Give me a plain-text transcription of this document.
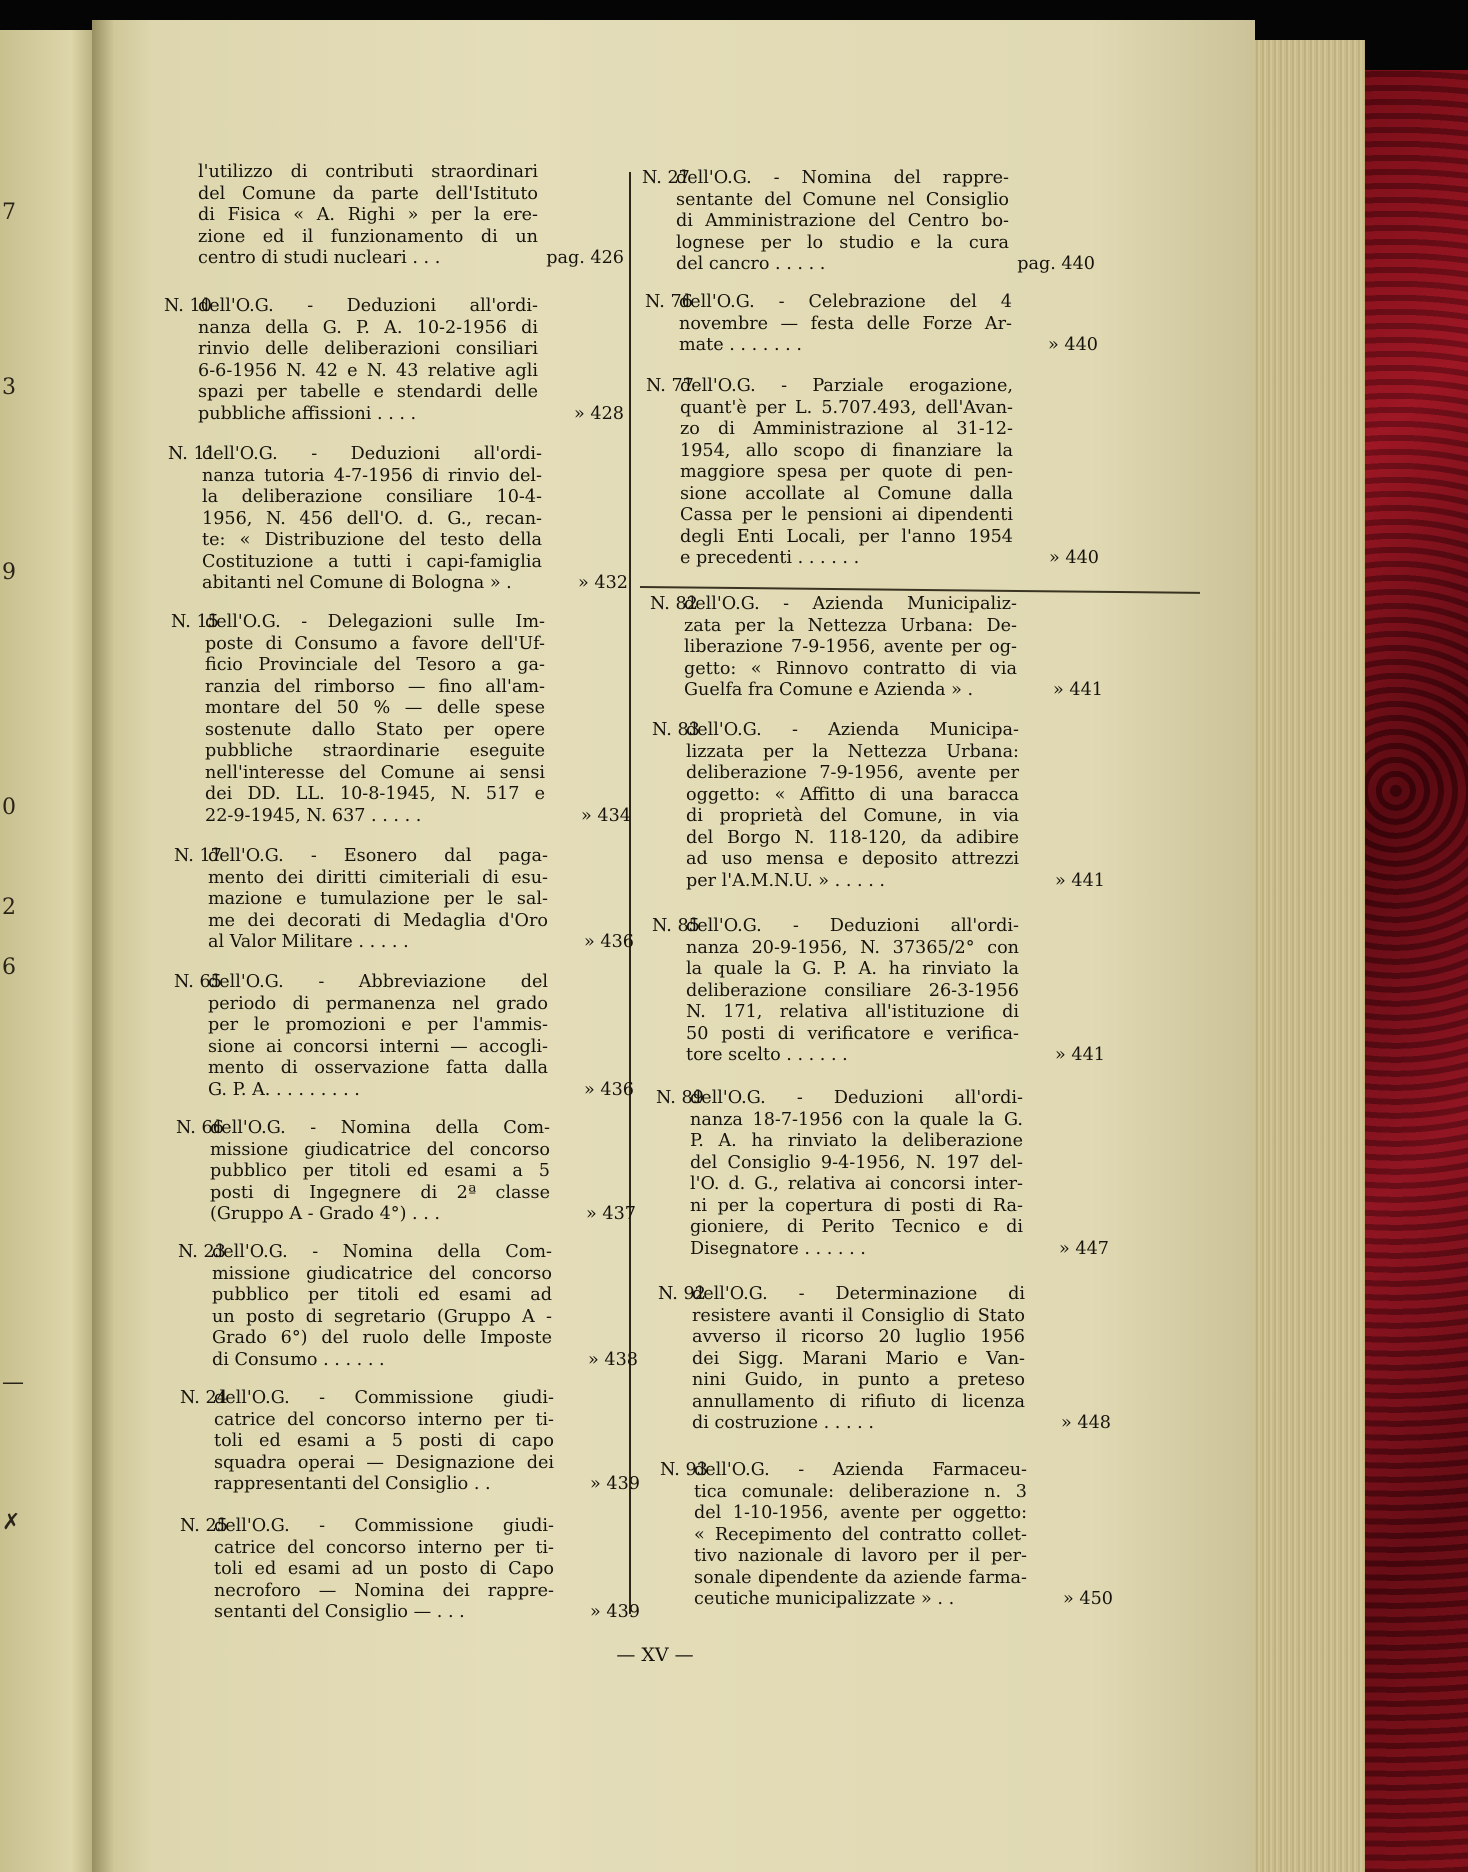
7
3
9
0
2
6
—
✗
l'utilizzo di contributi straordinari
del Comune da parte dell'Istituto
di Fisica « A. Righi » per la ere-
zione ed il funzionamento di un
centro di studi nucleari . . .	pag. 426
N. 10
dell'O.G. - Deduzioni all'ordi-
nanza della G. P. A. 10-2-1956 di
rinvio delle deliberazioni consiliari
6-6-1956 N. 42 e N. 43 relative agli
spazi per tabelle e stendardi delle
pubbliche affissioni . . . .	» 428
N. 11
dell'O.G. - Deduzioni all'ordi-
nanza tutoria 4-7-1956 di rinvio del-
la deliberazione consiliare 10-4-
1956, N. 456 dell'O. d. G., recan-
te: « Distribuzione del testo della
Costituzione a tutti i capi-famiglia
abitanti nel Comune di Bologna » .	» 432
N. 15
dell'O.G. - Delegazioni sulle Im-
poste di Consumo a favore dell'Uf-
ficio Provinciale del Tesoro a ga-
ranzia del rimborso — fino all'am-
montare del 50 % — delle spese
sostenute dallo Stato per opere
pubbliche straordinarie eseguite
nell'interesse del Comune ai sensi
dei DD. LL. 10-8-1945, N. 517 e
22-9-1945, N. 637 . . . . .	» 434
N. 17
dell'O.G. - Esonero dal paga-
mento dei diritti cimiteriali di esu-
mazione e tumulazione per le sal-
me dei decorati di Medaglia d'Oro
al Valor Militare . . . . .	» 436
N. 65
dell'O.G. - Abbreviazione del
periodo di permanenza nel grado
per le promozioni e per l'ammis-
sione ai concorsi interni — accogli-
mento di osservazione fatta dalla
G. P. A. . . . . . . . .	» 436
N. 66
dell'O.G. - Nomina della Com-
missione giudicatrice del concorso
pubblico per titoli ed esami a 5
posti di Ingegnere di 2ª classe
(Gruppo A - Grado 4°) . . .	» 437
N. 23
dell'O.G. - Nomina della Com-
missione giudicatrice del concorso
pubblico per titoli ed esami ad
un posto di segretario (Gruppo A -
Grado 6°) del ruolo delle Imposte
di Consumo . . . . . .	» 438
N. 24
dell'O.G. - Commissione giudi-
catrice del concorso interno per ti-
toli ed esami a 5 posti di capo
squadra operai — Designazione dei
rappresentanti del Consiglio . .	» 439
N. 25
dell'O.G. - Commissione giudi-
catrice del concorso interno per ti-
toli ed esami ad un posto di Capo
necroforo — Nomina dei rappre-
sentanti del Consiglio — . . .	» 439
N. 27
dell'O.G. - Nomina del rappre-
sentante del Comune nel Consiglio
di Amministrazione del Centro bo-
lognese per lo studio e la cura
del cancro . . . . .	pag. 440
N. 76
dell'O.G. - Celebrazione del 4
novembre — festa delle Forze Ar-
mate . . . . . . .	» 440
N. 77
dell'O.G. - Parziale erogazione,
quant'è per L. 5.707.493, dell'Avan-
zo di Amministrazione al 31-12-
1954, allo scopo di finanziare la
maggiore spesa per quote di pen-
sione accollate al Comune dalla
Cassa per le pensioni ai dipendenti
degli Enti Locali, per l'anno 1954
e precedenti . . . . . .	» 440
N. 82
dell'O.G. - Azienda Municipaliz-
zata per la Nettezza Urbana: De-
liberazione 7-9-1956, avente per og-
getto: « Rinnovo contratto di via
Guelfa fra Comune e Azienda » .	» 441
N. 83
dell'O.G. - Azienda Municipa-
lizzata per la Nettezza Urbana:
deliberazione 7-9-1956, avente per
oggetto: « Affitto di una baracca
di proprietà del Comune, in via
del Borgo N. 118-120, da adibire
ad uso mensa e deposito attrezzi
per l'A.M.N.U. » . . . . .	» 441
N. 85
dell'O.G. - Deduzioni all'ordi-
nanza 20-9-1956, N. 37365/2° con
la quale la G. P. A. ha rinviato la
deliberazione consiliare 26-3-1956
N. 171, relativa all'istituzione di
50 posti di verificatore e verifica-
tore scelto . . . . . .	» 441
N. 89
dell'O.G. - Deduzioni all'ordi-
nanza 18-7-1956 con la quale la G.
P. A. ha rinviato la deliberazione
del Consiglio 9-4-1956, N. 197 del-
l'O. d. G., relativa ai concorsi inter-
ni per la copertura di posti di Ra-
gioniere, di Perito Tecnico e di
Disegnatore . . . . . .	» 447
N. 92
dell'O.G. - Determinazione di
resistere avanti il Consiglio di Stato
avverso il ricorso 20 luglio 1956
dei Sigg. Marani Mario e Van-
nini Guido, in punto a preteso
annullamento di rifiuto di licenza
di costruzione . . . . .	» 448
N. 93
dell'O.G. - Azienda Farmaceu-
tica comunale: deliberazione n. 3
del 1-10-1956, avente per oggetto:
« Recepimento del contratto collet-
tivo nazionale di lavoro per il per-
sonale dipendente da aziende farma-
ceutiche municipalizzate » . .	» 450
— XV —
